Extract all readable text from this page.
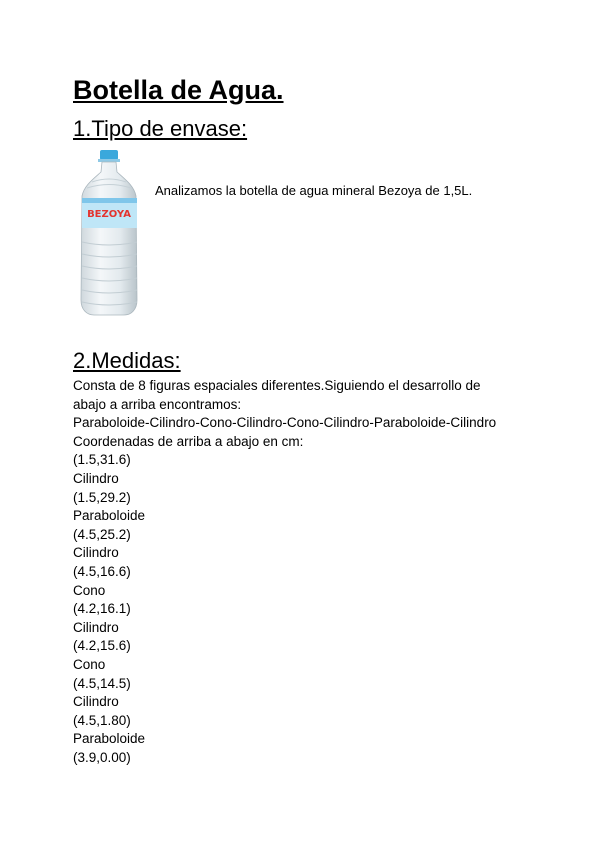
Botella de Agua.
1.Tipo de envase:
BEZOYA
Analizamos la botella de agua mineral Bezoya de 1,5L.
2.Medidas:
Consta de 8 figuras espaciales diferentes.Siguiendo el desarrollo de
abajo a arriba encontramos:
Paraboloide-Cilindro-Cono-Cilindro-Cono-Cilindro-Paraboloide-Cilindro
Coordenadas de arriba a abajo en cm:
(1.5,31.6)
Cilindro
(1.5,29.2)
Paraboloide
(4.5,25.2)
Cilindro
(4.5,16.6)
Cono
(4.2,16.1)
Cilindro
(4.2,15.6)
Cono
(4.5,14.5)
Cilindro
(4.5,1.80)
Paraboloide
(3.9,0.00)
